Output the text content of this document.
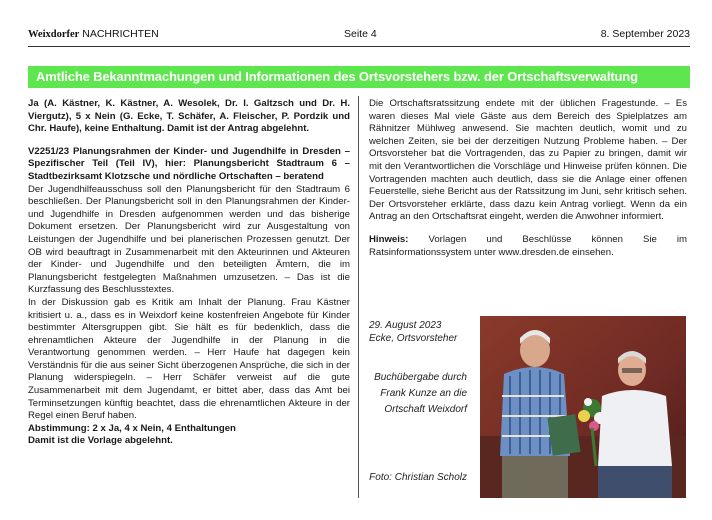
Weixdorfer NACHRICHTEN	Seite 4	8. September 2023
Amtliche Bekanntmachungen und Informationen des Ortsvorstehers bzw. der Ortschaftsverwaltung

Ja (A. Kästner, K. Kästner, A. Wesolek, Dr. I. Galtzsch und Dr. H. Viergutz), 5 x Nein (G. Ecke, T. Schäfer, A. Fleischer, P. Pordzik und Chr. Haufe), keine Enthaltung. Damit ist der Antrag abgelehnt.

V2251/23 Planungsrahmen der Kinder- und Jugendhilfe in Dresden – Spezifischer Teil (Teil IV), hier: Planungsbericht Stadtraum 6 – Stadtbezirksamt Klotzsche und nördliche Ortschaften – beratend

Der Jugendhilfeausschuss soll den Planungsbericht für den Stadtraum 6 beschließen. Der Planungsbericht soll in den Planungsrahmen der Kinder- und Jugendhilfe in Dresden aufgenommen werden und das bisherige Dokument ersetzen. Der Planungsbericht wird zur Ausgestaltung von Leistungen der Jugendhilfe und bei planerischen Prozessen genutzt. Der OB wird beauftragt in Zusammenarbeit mit den Akteurinnen und Akteuren der Kinder- und Jugendhilfe und den beteiligten Ämtern, die im Planungsbericht festgelegten Maßnahmen umzusetzen. – Das ist die Kurzfassung des Beschlusstextes.

In der Diskussion gab es Kritik am Inhalt der Planung. Frau Kästner kritisiert u. a., dass es in Weixdorf keine kostenfreien Angebote für Kinder bestimmter Altersgruppen gibt. Sie hält es für bedenklich, dass die ehrenamtlichen Akteure der Jugendhilfe in der Planung in die Verantwortung genommen werden. – Herr Haufe hat dagegen kein Verständnis für die aus seiner Sicht überzogenen Ansprüche, die sich in der Planung widerspiegeln. – Herr Schäfer verweist auf die gute Zusammenarbeit mit dem Jugendamt, er bittet aber, dass das Amt bei Terminsetzungen künftig beachtet, dass die ehrenamtlichen Akteure in der Regel einen Beruf haben.

Abstimmung: 2 x Ja, 4 x Nein, 4 Enthaltungen

Damit ist die Vorlage abgelehnt.

Die Ortschaftsratssitzung endete mit der üblichen Fragestunde. – Es waren dieses Mal viele Gäste aus dem Bereich des Spielplatzes am Rähnitzer Mühlweg anwesend. Sie machten deutlich, womit und zu welchen Zeiten, sie bei der derzeitigen Nutzung Probleme haben. – Der Ortsvorsteher bat die Vortragenden, das zu Papier zu bringen, damit wir mit den Verantwortlichen die Vorschläge und Hinweise prüfen können. Die Vortragenden machten auch deutlich, dass sie die Anlage einer offenen Feuerstelle, siehe Bericht aus der Ratssitzung im Juni, sehr kritisch sehen. Der Ortsvorsteher erklärte, dass dazu kein Antrag vorliegt. Wenn da ein Antrag an den Ortschaftsrat eingeht, werden die Anwohner informiert.

Hinweis: Vorlagen und Beschlüsse können Sie im Ratsinformationssystem unter www.dresden.de einsehen.

29. August 2023
Ecke, Ortsvorsteher
Buchübergabe durch Frank Kunze an die Ortschaft Weixdorf
Foto: Christian Scholz
